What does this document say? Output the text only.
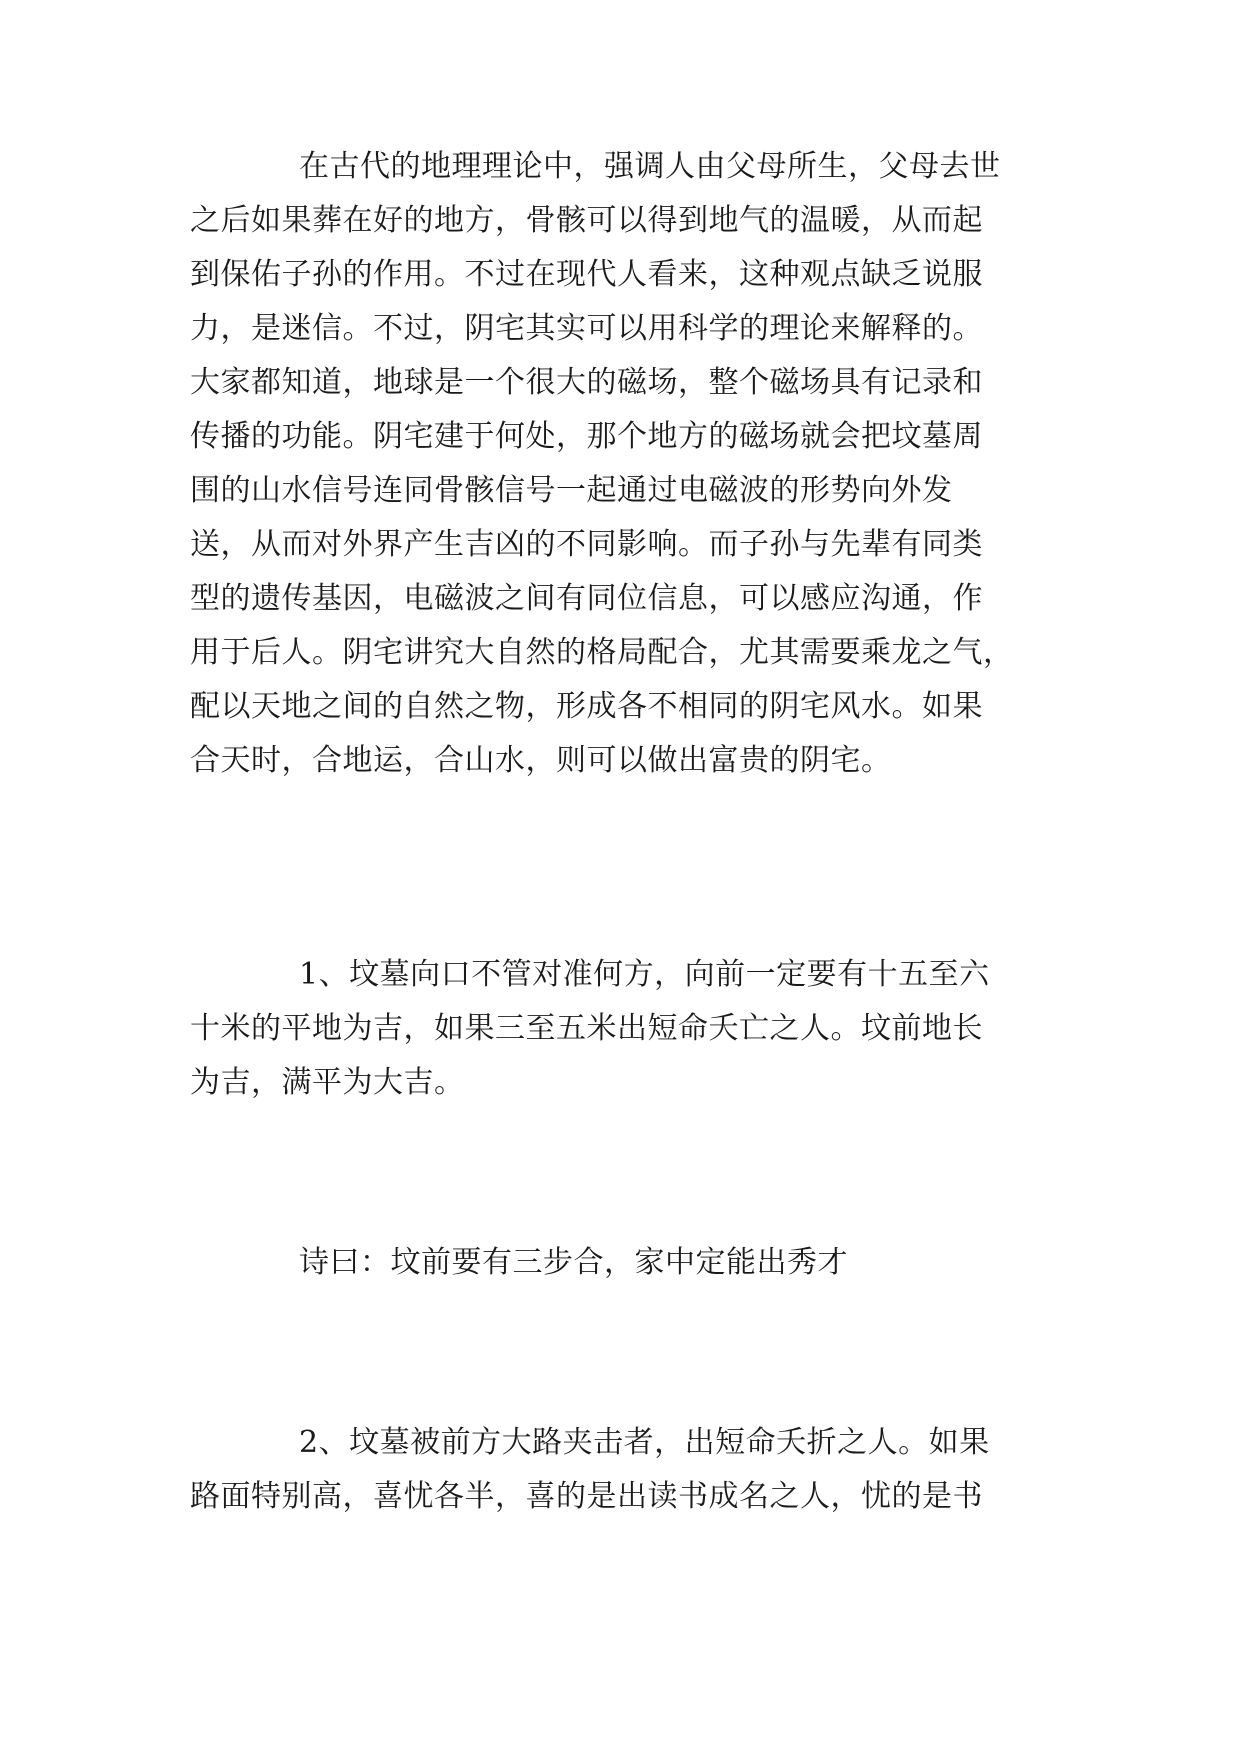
在古代的地理理论中，强调人由父母所生，父母去世
之后如果葬在好的地方，骨骸可以得到地气的温暖，从而起
到保佑子孙的作用。不过在现代人看来，这种观点缺乏说服
力，是迷信。不过，阴宅其实可以用科学的理论来解释的。
大家都知道，地球是一个很大的磁场，整个磁场具有记录和
传播的功能。阴宅建于何处，那个地方的磁场就会把坟墓周
围的山水信号连同骨骸信号一起通过电磁波的形势向外发
送，从而对外界产生吉凶的不同影响。而子孙与先辈有同类
型的遗传基因，电磁波之间有同位信息，可以感应沟通，作
用于后人。阴宅讲究大自然的格局配合，尤其需要乘龙之气，
配以天地之间的自然之物，形成各不相同的阴宅风水。如果
合天时，合地运，合山水，则可以做出富贵的阴宅。
1、坟墓向口不管对准何方，向前一定要有十五至六
十米的平地为吉，如果三至五米出短命夭亡之人。坟前地长
为吉，满平为大吉。
诗曰：坟前要有三步合，家中定能出秀才
2、坟墓被前方大路夹击者，出短命夭折之人。如果
路面特别高，喜忧各半，喜的是出读书成名之人，忧的是书
